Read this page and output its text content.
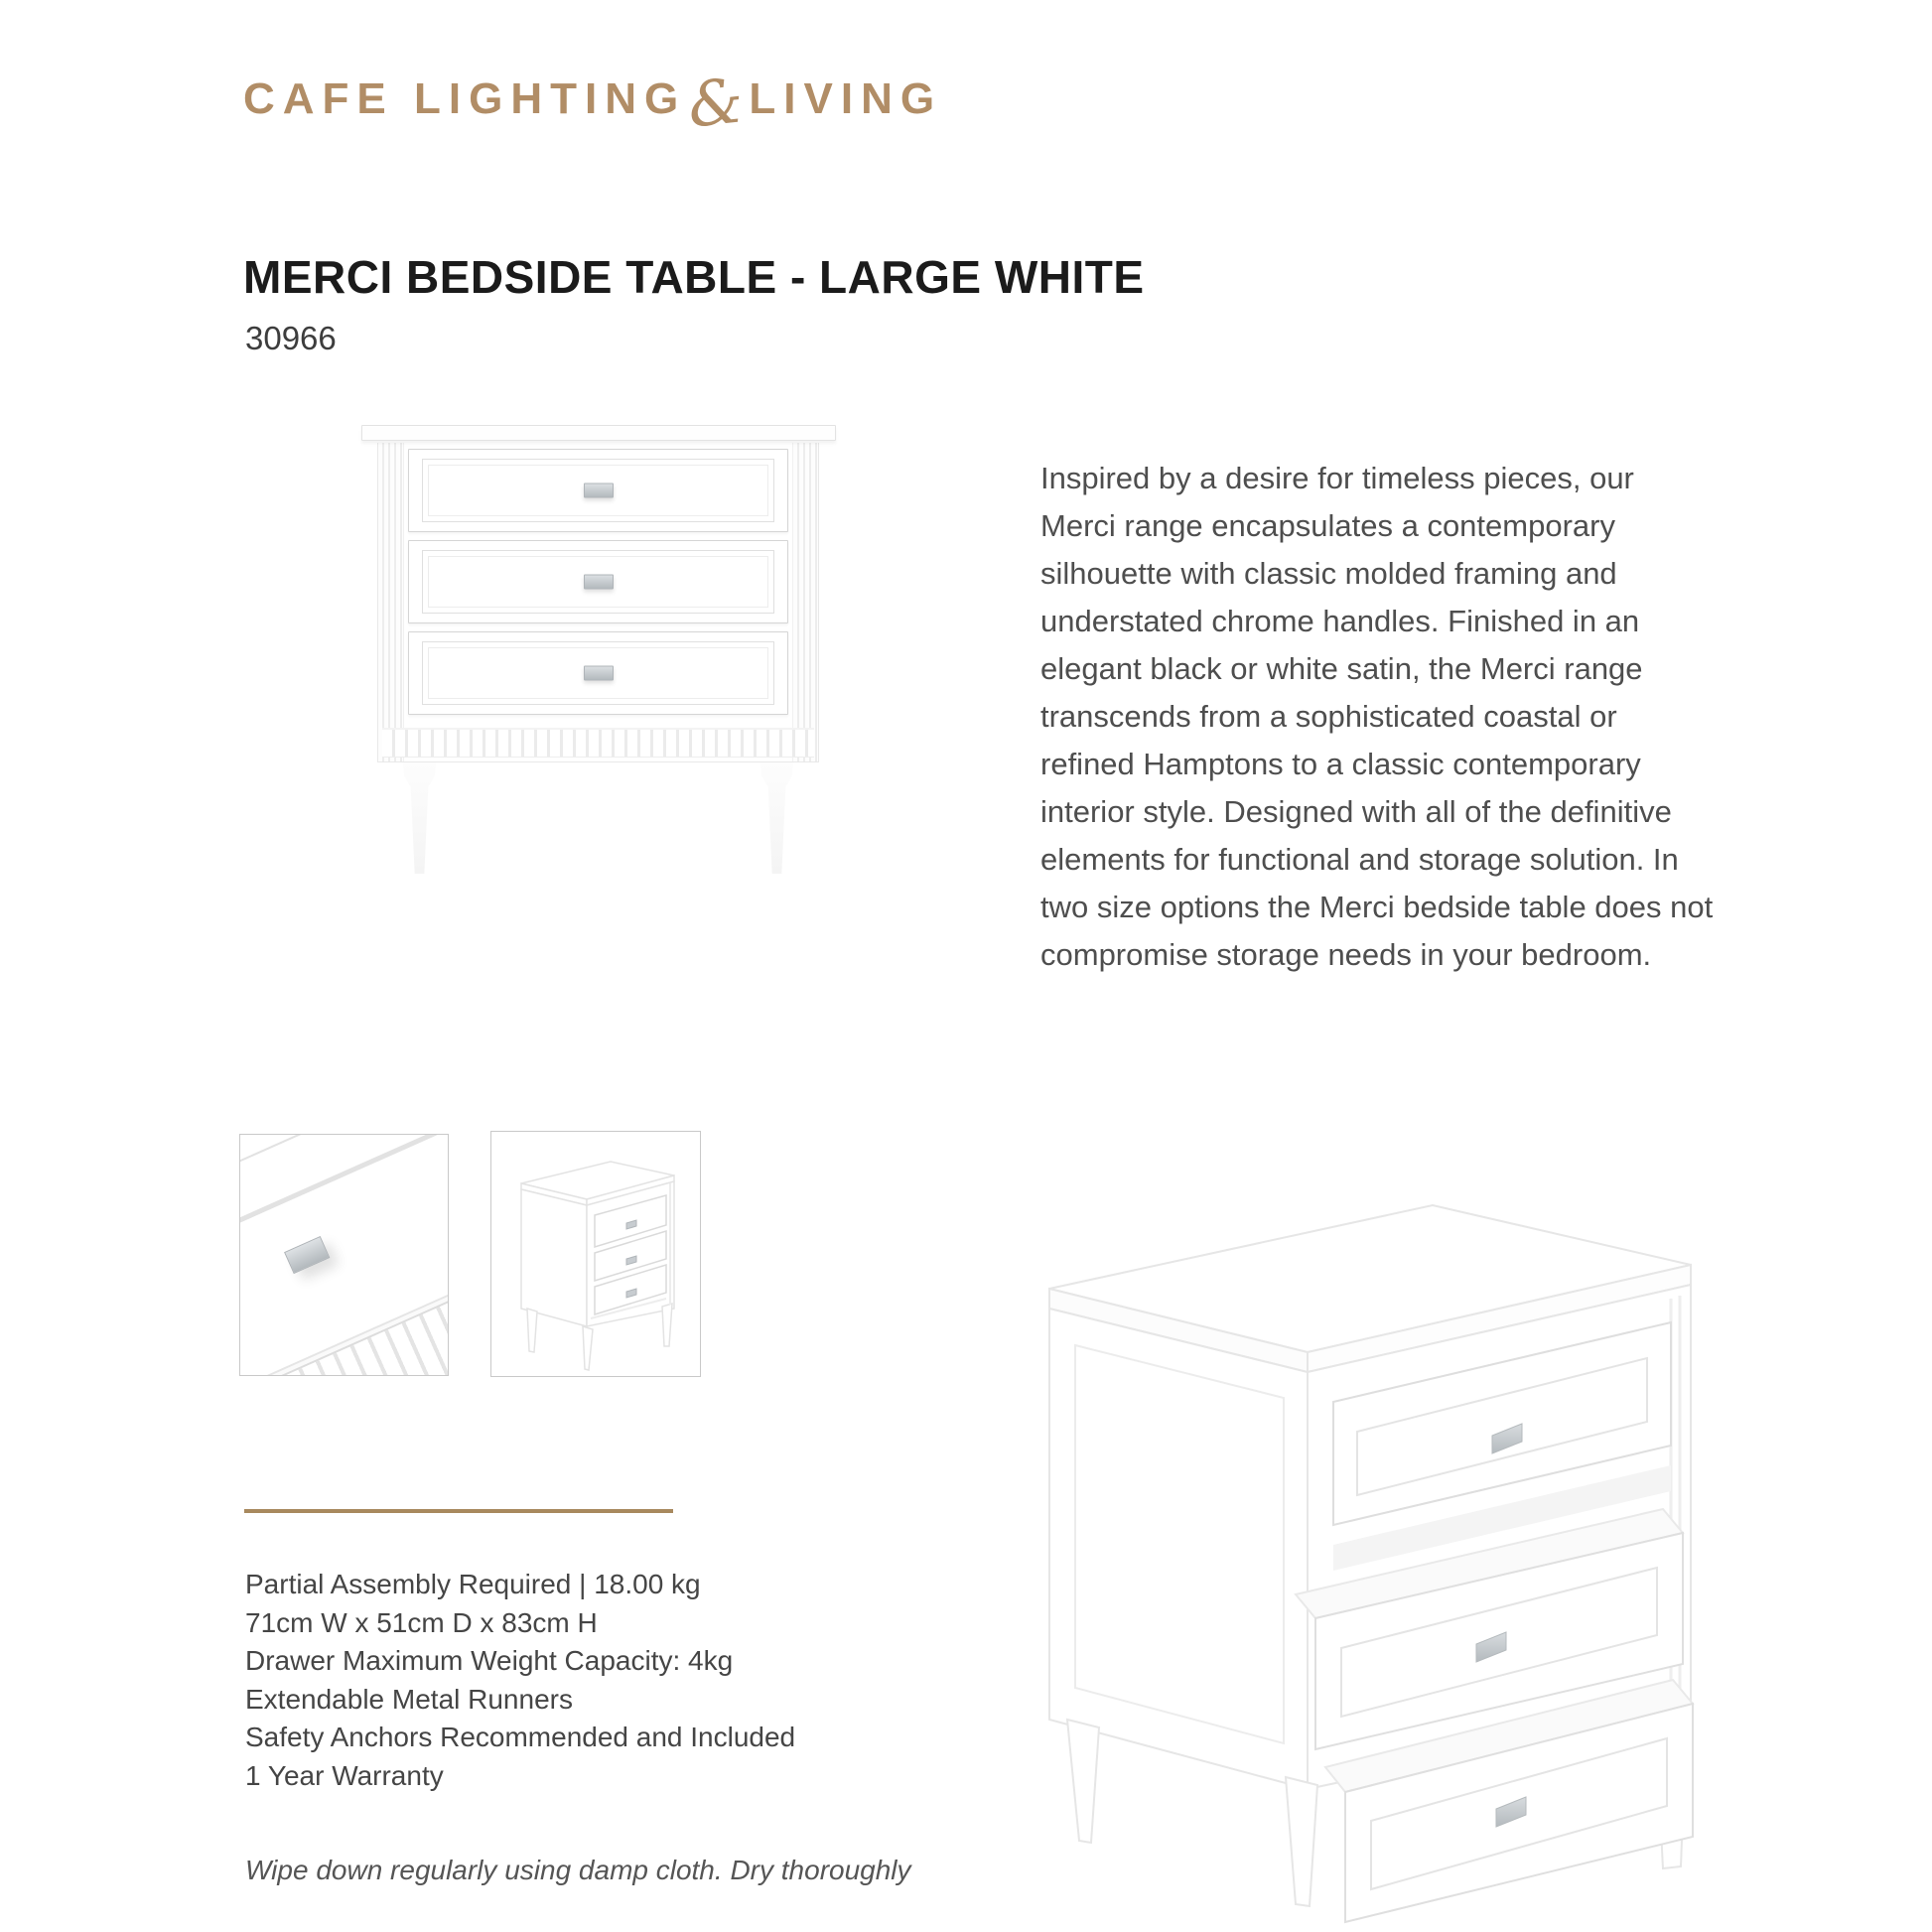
CAFE LIGHTING
& LIVING
MERCI BEDSIDE TABLE - LARGE WHITE
30966
Inspired by a desire for timeless pieces, our Merci range encapsulates a contemporary silhouette with classic molded framing and understated chrome handles. Finished in an elegant black or white satin, the Merci range transcends from a sophisticated coastal or refined Hamptons to a classic contemporary interior style. Designed with all of the definitive elements for functional and storage solution. In two size options the Merci bedside table does not compromise storage needs in your bedroom.

Partial Assembly Required | 18.00 kg

71cm W x 51cm D x 83cm H

Drawer Maximum Weight Capacity: 4kg

Extendable Metal Runners

Safety Anchors Recommended and Included

1 Year Warranty

Wipe down regularly using damp cloth. Dry thoroughly
